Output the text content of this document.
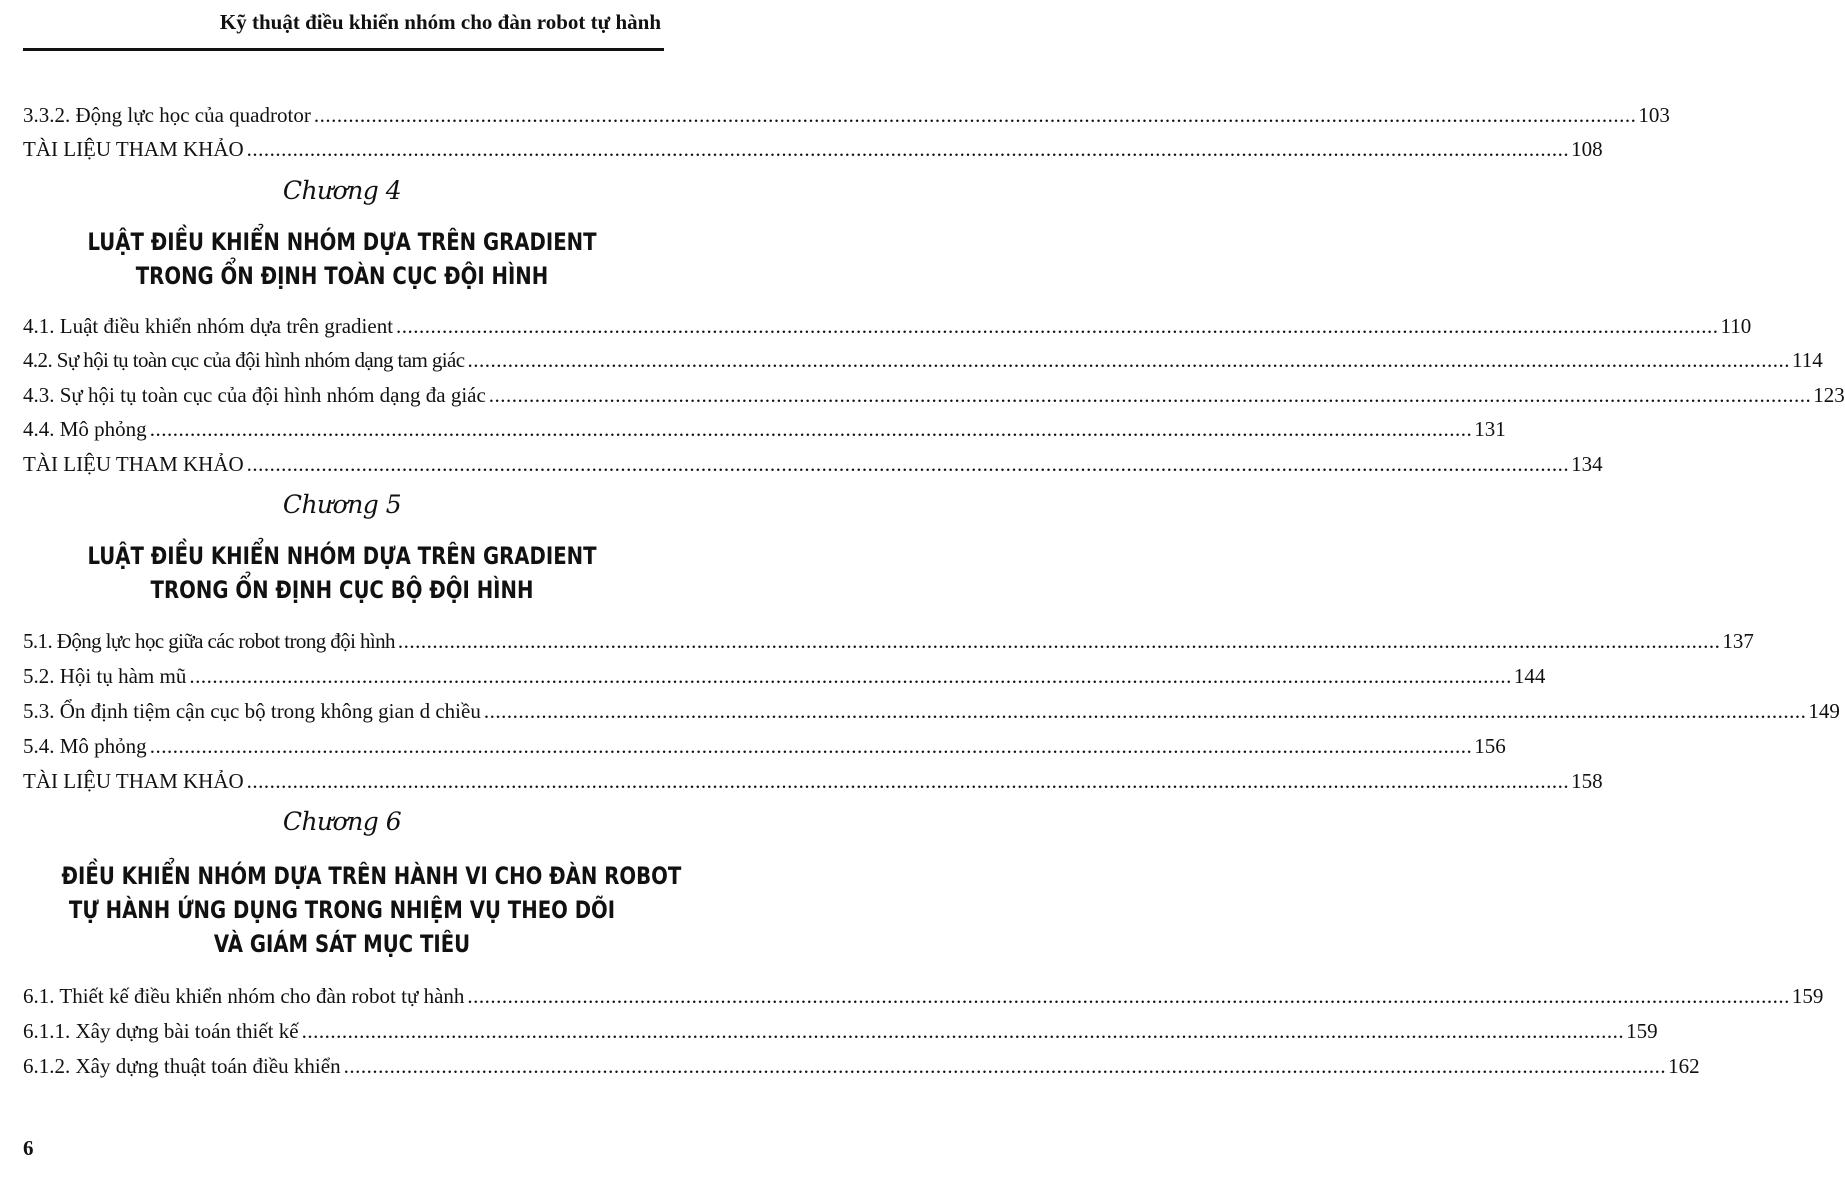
Kỹ thuật điều khiển nhóm cho đàn robot tự hành
3.3.2. Động lực học của quadrotor ...................................................................................................................................................................................................................................... 103
TÀI LIỆU THAM KHẢO ...................................................................................................................................................................................................................................... 108
Chương 4
LUẬT ĐIỀU KHIỂN NHÓM DỰA TRÊN GRADIENT
TRONG ỔN ĐỊNH TOÀN CỤC ĐỘI HÌNH
4.1. Luật điều khiển nhóm dựa trên gradient ...................................................................................................................................................................................................................................... 110
4.2. Sự hội tụ toàn cục của đội hình nhóm dạng tam giác ...................................................................................................................................................................................................................................... 114
4.3. Sự hội tụ toàn cục của đội hình nhóm dạng đa giác ...................................................................................................................................................................................................................................... 123
4.4. Mô phỏng ...................................................................................................................................................................................................................................... 131
TÀI LIỆU THAM KHẢO ...................................................................................................................................................................................................................................... 134
Chương 5
LUẬT ĐIỀU KHIỂN NHÓM DỰA TRÊN GRADIENT
TRONG ỔN ĐỊNH CỤC BỘ ĐỘI HÌNH
5.1. Động lực học giữa các robot trong đội hình ...................................................................................................................................................................................................................................... 137
5.2. Hội tụ hàm mũ ...................................................................................................................................................................................................................................... 144
5.3. Ổn định tiệm cận cục bộ trong không gian d chiều ...................................................................................................................................................................................................................................... 149
5.4. Mô phỏng ...................................................................................................................................................................................................................................... 156
TÀI LIỆU THAM KHẢO ...................................................................................................................................................................................................................................... 158
Chương 6
ĐIỀU KHIỂN NHÓM DỰA TRÊN HÀNH VI CHO ĐÀN ROBOT
TỰ HÀNH ỨNG DỤNG TRONG NHIỆM VỤ THEO DÕI
VÀ GIÁM SÁT MỤC TIÊU
6.1. Thiết kế điều khiển nhóm cho đàn robot tự hành ...................................................................................................................................................................................................................................... 159
6.1.1. Xây dựng bài toán thiết kế ...................................................................................................................................................................................................................................... 159
6.1.2. Xây dựng thuật toán điều khiển ...................................................................................................................................................................................................................................... 162
6
